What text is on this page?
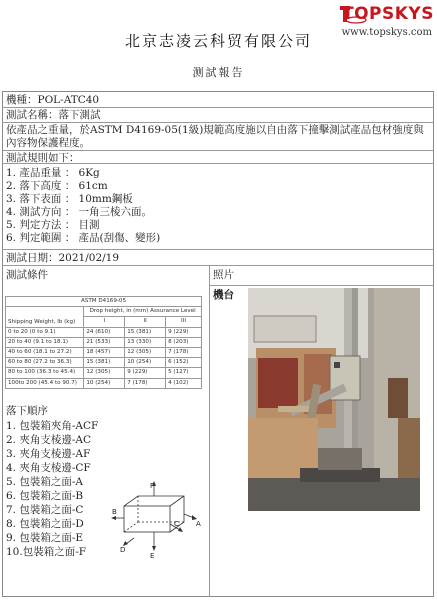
TOPSKYS
北京志凌云科贸有限公司	www.topskys.com
测試報告
機種：POL-ATC40
測試名稱：落下測試
依產品之重量，於ASTM D4169-05(1級)規範高度施以自由落下撞擊測試產品包材強度與內容物保護程度。
測試規則如下：
1. 產品重量 ： 6Kg
2. 落下高度 ： 61cm
3. 落下表面 ： 10mm鋼板
4. 測試方向 ： 一角三棱六面。
5. 判定方法 ： 目測
6. 判定範圍 ： 產品(刮傷、變形)
測試日期：2021/02/19
測試條件	照片
機台
ASTM D4169-05			
Shipping Weight, lb (kg)	Drop height, in (mm) Assurance Level		
	I	II	III
0 to 20 (0 to 9.1)	24 (610)	15 (381)	9 (229)
20 to 40 (9.1 to 18.1)	21 (533)	13 (330)	8 (203)
40 to 60 (18.1 to 27.2)	18 (457)	12 (305)	7 (178)
60 to 80 (27.2 to 36.3)	15 (381)	10 (254)	6 (152)
80 to 100 (36.3 to 45.4)	12 (305)	9 (229)	5 (127)
100to 200 (45.4 to 90.7)	10 (254)	7 (178)	4 (102)
落下順序
1. 包裝箱夾角-ACF
2. 夾角支棱邊-AC
3. 夾角支棱邊-AF
4. 夾角支棱邊-CF
5. 包裝箱之面-A
6. 包裝箱之面-B
7. 包裝箱之面-C
8. 包裝箱之面-D
9. 包裝箱之面-E
10.包裝箱之面-F
F
A
C
B
D
E
